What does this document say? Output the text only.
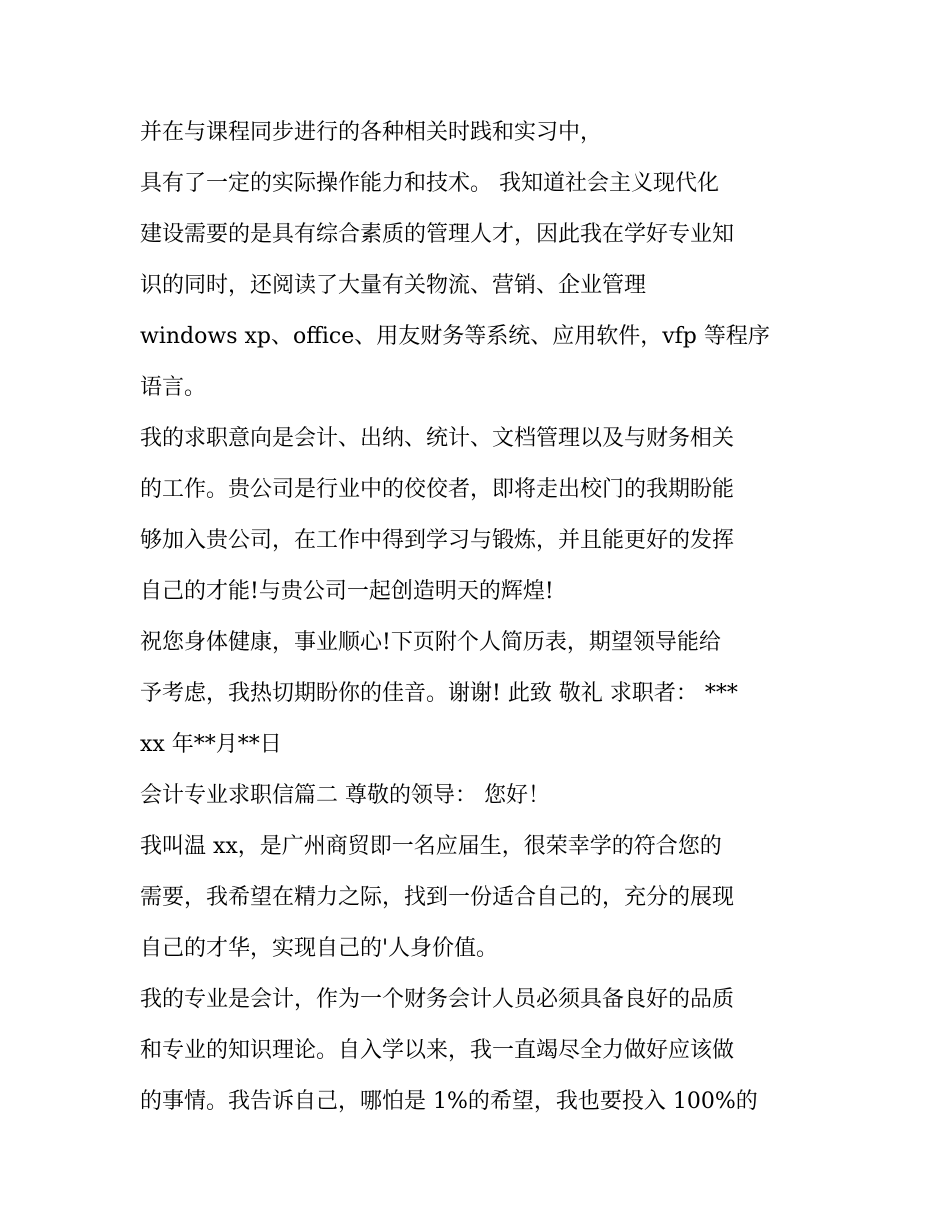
并在与课程同步进行的各种相关时践和实习中，
具有了一定的实际操作能力和技术。 我知道社会主义现代化
建设需要的是具有综合素质的管理人才，因此我在学好专业知
识的同时，还阅读了大量有关物流、营销、企业管理
windows xp、office、用友财务等系统、应用软件，vfp 等程序
语言。
我的求职意向是会计、出纳、统计、文档管理以及与财务相关
的工作。贵公司是行业中的佼佼者，即将走出校门的我期盼能
够加入贵公司，在工作中得到学习与锻炼，并且能更好的发挥
自己的才能!与贵公司一起创造明天的辉煌!
祝您身体健康，事业顺心!下页附个人简历表，期望领导能给
予考虑，我热切期盼你的佳音。谢谢! 此致 敬礼 求职者： ***
xx 年**月**日
会计专业求职信篇二 尊敬的领导： 您好！
我叫温 xx，是广州商贸即一名应届生，很荣幸学的符合您的
需要，我希望在精力之际，找到一份适合自己的，充分的展现
自己的才华，实现自己的'人身价值。
我的专业是会计，作为一个财务会计人员必须具备良好的品质
和专业的知识理论。自入学以来，我一直竭尽全力做好应该做
的事情。我告诉自己，哪怕是 1%的希望，我也要投入 100%的
